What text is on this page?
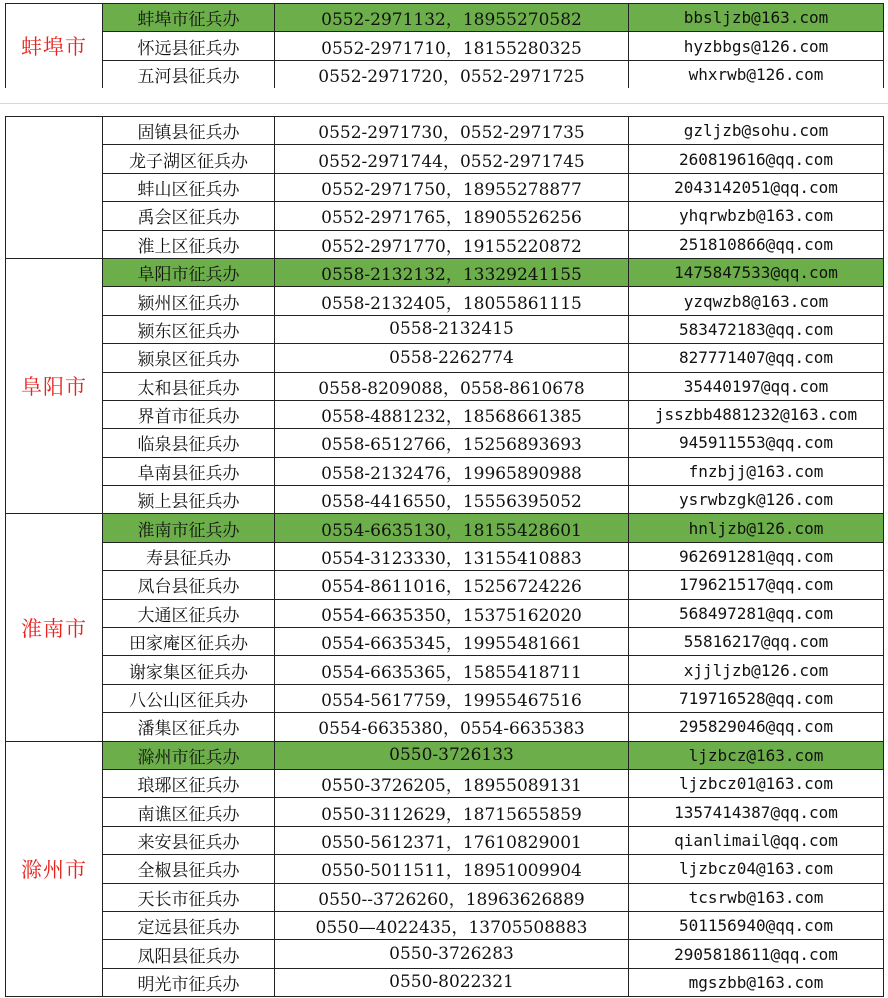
蚌埠市	蚌埠市征兵办	0552-2971132，18955270582	bbsljzb@163.com
	怀远县征兵办	0552-2971710，18155280325	hyzbbgs@126.com
	五河县征兵办	0552-2971720，0552-2971725	whxrwb@126.com
	固镇县征兵办	0552-2971730，0552-2971735	gzljzb@sohu.com
	龙子湖区征兵办	0552-2971744，0552-2971745	260819616@qq.com
	蚌山区征兵办	0552-2971750，18955278877	2043142051@qq.com
	禹会区征兵办	0552-2971765，18905526256	yhqrwbzb@163.com
	淮上区征兵办	0552-2971770，19155220872	251810866@qq.com
阜阳市	阜阳市征兵办	0558-2132132，13329241155	1475847533@qq.com
	颍州区征兵办	0558-2132405，18055861115	yzqwzb8@163.com
	颍东区征兵办	0558-2132415	583472183@qq.com
	颍泉区征兵办	0558-2262774	827771407@qq.com
	太和县征兵办	0558-8209088，0558-8610678	35440197@qq.com
	界首市征兵办	0558-4881232，18568661385	jsszbb4881232@163.com
	临泉县征兵办	0558-6512766，15256893693	945911553@qq.com
	阜南县征兵办	0558-2132476，19965890988	fnzbjj@163.com
	颍上县征兵办	0558-4416550，15556395052	ysrwbzgk@126.com
淮南市	淮南市征兵办	0554-6635130，18155428601	hnljzb@126.com
	寿县征兵办	0554-3123330，13155410883	962691281@qq.com
	凤台县征兵办	0554-8611016，15256724226	179621517@qq.com
	大通区征兵办	0554-6635350，15375162020	568497281@qq.com
	田家庵区征兵办	0554-6635345，19955481661	55816217@qq.com
	谢家集区征兵办	0554-6635365，15855418711	xjjljzb@126.com
	八公山区征兵办	0554-5617759，19955467516	719716528@qq.com
	潘集区征兵办	0554-6635380，0554-6635383	295829046@qq.com
滁州市	滁州市征兵办	0550-3726133	ljzbcz@163.com
	琅琊区征兵办	0550-3726205，18955089131	ljzbcz01@163.com
	南谯区征兵办	0550-3112629，18715655859	1357414387@qq.com
	来安县征兵办	0550-5612371，17610829001	qianlimail@qq.com
	全椒县征兵办	0550-5011511，18951009904	ljzbcz04@163.com
	天长市征兵办	0550--3726260，18963626889	tcsrwb@163.com
	定远县征兵办	0550—4022435，13705508883	501156940@qq.com
	凤阳县征兵办	0550-3726283	2905818611@qq.com
	明光市征兵办	0550-8022321	mgszbb@163.com
